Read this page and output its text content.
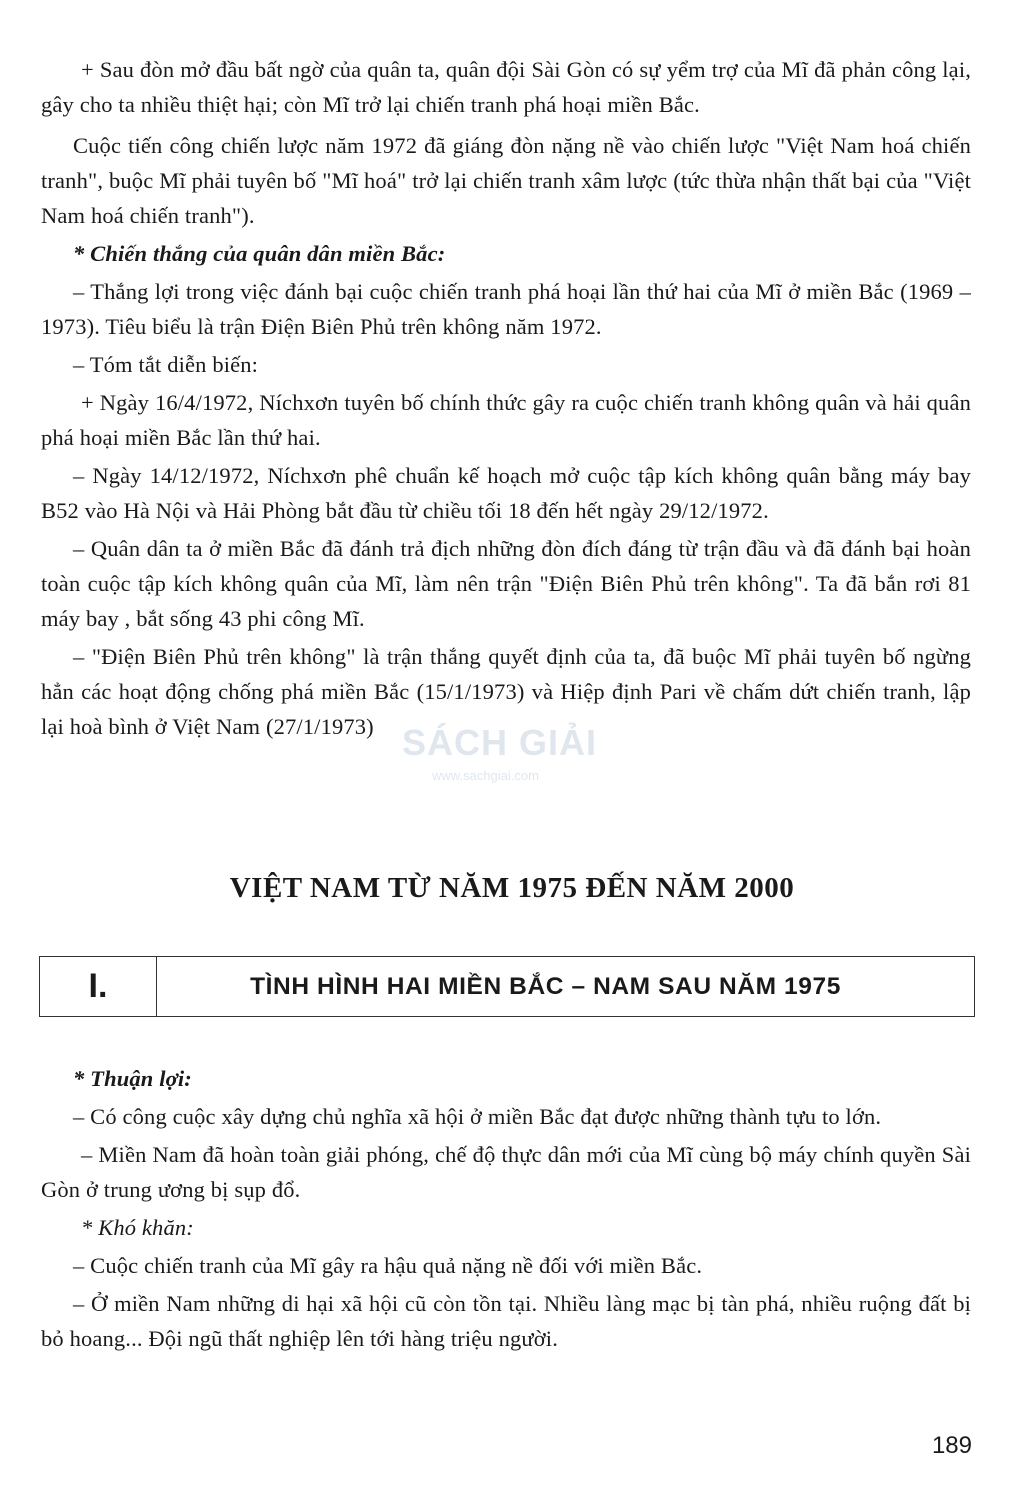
+ Sau đòn mở đầu bất ngờ của quân ta, quân đội Sài Gòn có sự yểm trợ của Mĩ đã phản công lại, gây cho ta nhiều thiệt hại; còn Mĩ trở lại chiến tranh phá hoại miền Bắc.

Cuộc tiến công chiến lược năm 1972 đã giáng đòn nặng nề vào chiến lược "Việt Nam hoá chiến tranh", buộc Mĩ phải tuyên bố "Mĩ hoá" trở lại chiến tranh xâm lược (tức thừa nhận thất bại của "Việt Nam hoá chiến tranh").

* Chiến thắng của quân dân miền Bắc:

– Thắng lợi trong việc đánh bại cuộc chiến tranh phá hoại lần thứ hai của Mĩ ở miền Bắc (1969 – 1973). Tiêu biểu là trận Điện Biên Phủ trên không năm 1972.

– Tóm tắt diễn biến:

+ Ngày 16/4/1972, Níchxơn tuyên bố chính thức gây ra cuộc chiến tranh không quân và hải quân phá hoại miền Bắc lần thứ hai.

– Ngày 14/12/1972, Níchxơn phê chuẩn kế hoạch mở cuộc tập kích không quân bằng máy bay B52 vào Hà Nội và Hải Phòng bắt đầu từ chiều tối 18 đến hết ngày 29/12/1972.

– Quân dân ta ở miền Bắc đã đánh trả địch những đòn đích đáng từ trận đầu và đã đánh bại hoàn toàn cuộc tập kích không quân của Mĩ, làm nên trận "Điện Biên Phủ trên không". Ta đã bắn rơi 81 máy bay , bắt sống 43 phi công Mĩ.

– "Điện Biên Phủ trên không" là trận thắng quyết định của ta, đã buộc Mĩ phải tuyên bố ngừng hẳn các hoạt động chống phá miền Bắc (15/1/1973) và Hiệp định Pari về chấm dứt chiến tranh, lập lại hoà bình ở Việt Nam (27/1/1973) SÁCH GIẢI
www.sachgiai.com
VIỆT NAM TỪ NĂM 1975 ĐẾN NĂM 2000
I.	TÌNH HÌNH HAI MIỀN BẮC – NAM SAU NĂM 1975

* Thuận lợi:

– Có công cuộc xây dựng chủ nghĩa xã hội ở miền Bắc đạt được những thành tựu to lớn.

– Miền Nam đã hoàn toàn giải phóng, chế độ thực dân mới của Mĩ cùng bộ máy chính quyền Sài Gòn ở trung ương bị sụp đổ.

* Khó khăn:

– Cuộc chiến tranh của Mĩ gây ra hậu quả nặng nề đối với miền Bắc.

– Ở miền Nam những di hại xã hội cũ còn tồn tại. Nhiều làng mạc bị tàn phá, nhiều ruộng đất bị bỏ hoang... Đội ngũ thất nghiệp lên tới hàng triệu người.

189
